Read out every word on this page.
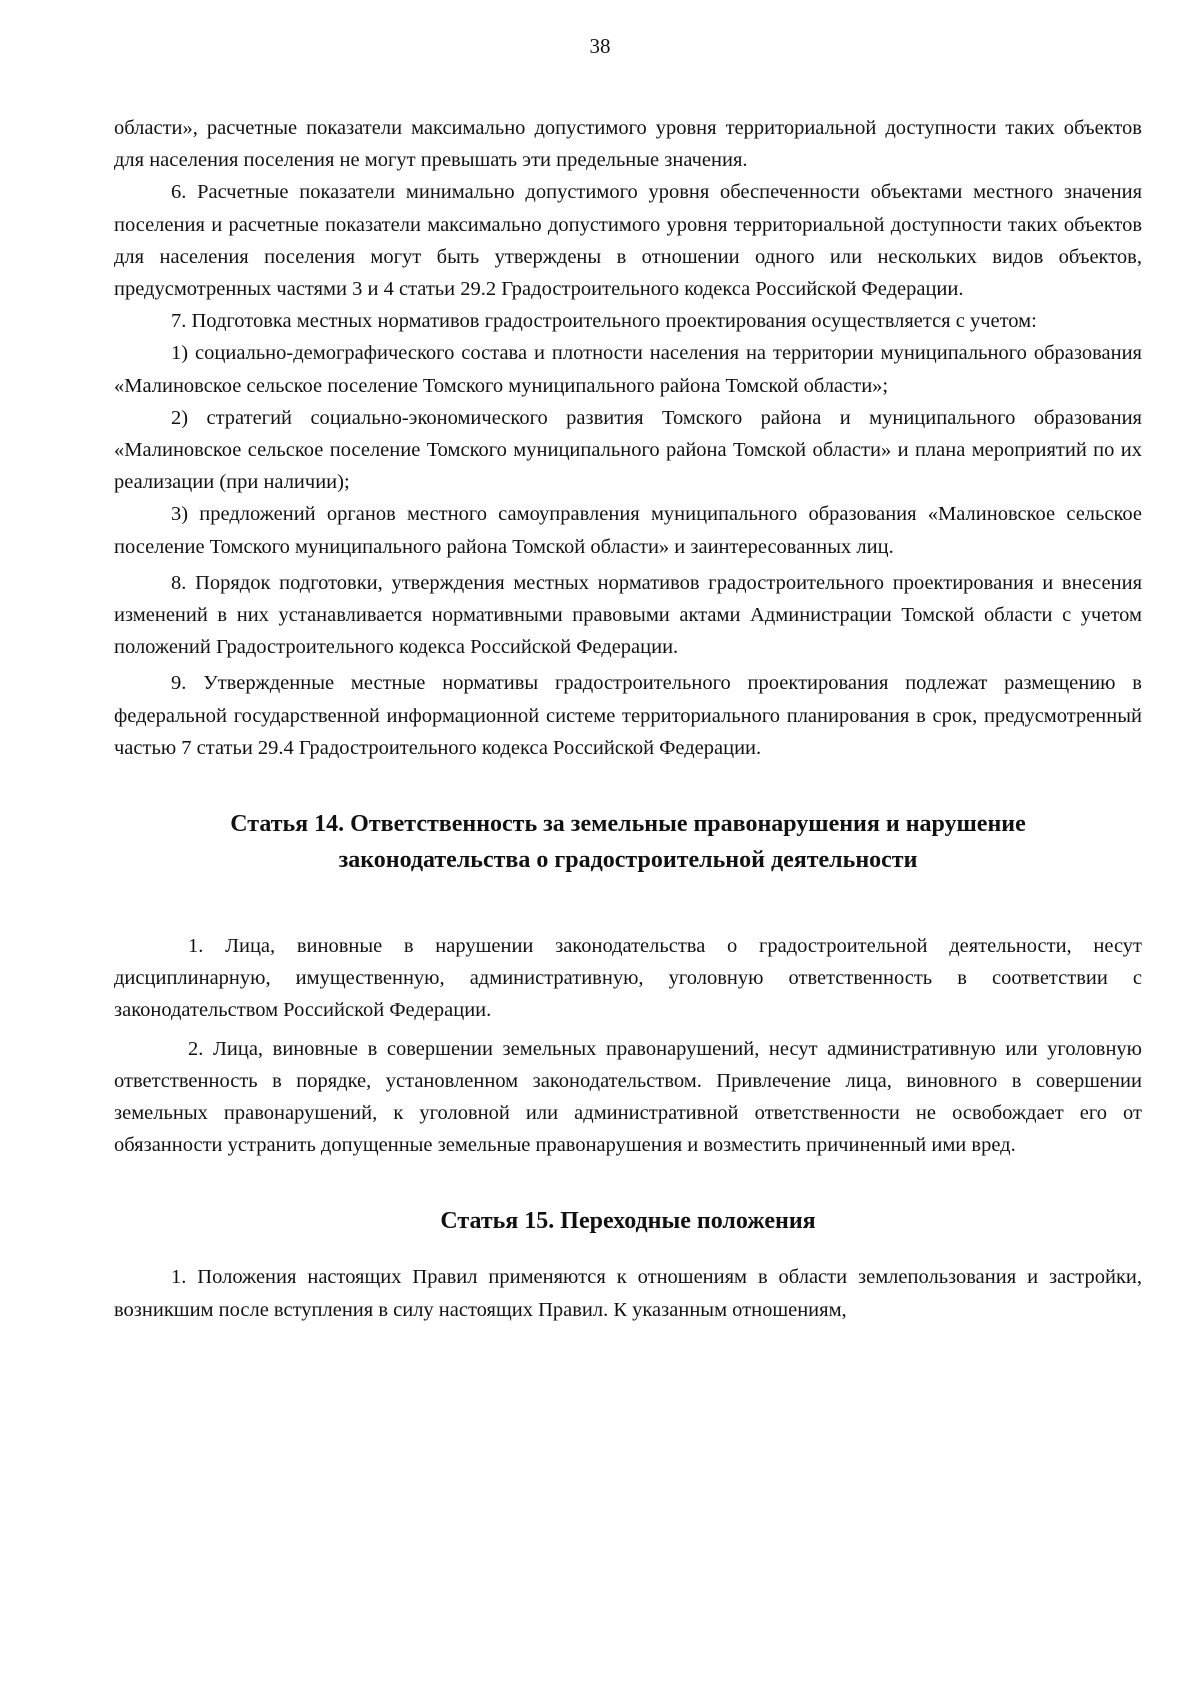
38

области», расчетные показатели максимально допустимого уровня территориальной доступности таких объектов для населения поселения не могут превышать эти предельные значения.

6. Расчетные показатели минимально допустимого уровня обеспеченности объектами местного значения поселения и расчетные показатели максимально допустимого уровня территориальной доступности таких объектов для населения поселения могут быть утверждены в отношении одного или нескольких видов объектов, предусмотренных частями 3 и 4 статьи 29.2 Градостроительного кодекса Российской Федерации.

7. Подготовка местных нормативов градостроительного проектирования осуществляется с учетом:

1) социально-демографического состава и плотности населения на территории муниципального образования «Малиновское сельское поселение Томского муниципального района Томской области»;

2) стратегий социально-экономического развития Томского района и муниципального образования «Малиновское сельское поселение Томского муниципального района Томской области» и плана мероприятий по их реализации (при наличии);

3) предложений органов местного самоуправления муниципального образования «Малиновское сельское поселение Томского муниципального района Томской области» и заинтересованных лиц.

8. Порядок подготовки, утверждения местных нормативов градостроительного проектирования и внесения изменений в них устанавливается нормативными правовыми актами Администрации Томской области с учетом положений Градостроительного кодекса Российской Федерации.

9. Утвержденные местные нормативы градостроительного проектирования подлежат размещению в федеральной государственной информационной системе территориального планирования в срок, предусмотренный частью 7 статьи 29.4 Градостроительного кодекса Российской Федерации.

Статья 14. Ответственность за земельные правонарушения и нарушение
законодательства о градостроительной деятельности

1. Лица, виновные в нарушении законодательства о градостроительной деятельности, несут дисциплинарную, имущественную, административную, уголовную ответственность в соответствии с законодательством Российской Федерации.

2. Лица, виновные в совершении земельных правонарушений, несут административную или уголовную ответственность в порядке, установленном законодательством. Привлечение лица, виновного в совершении земельных правонарушений, к уголовной или административной ответственности не освобождает его от обязанности устранить допущенные земельные правонарушения и возместить причиненный ими вред.

Статья 15. Переходные положения

1. Положения настоящих Правил применяются к отношениям в области землепользования и застройки, возникшим после вступления в силу настоящих Правил. К указанным отношениям,
